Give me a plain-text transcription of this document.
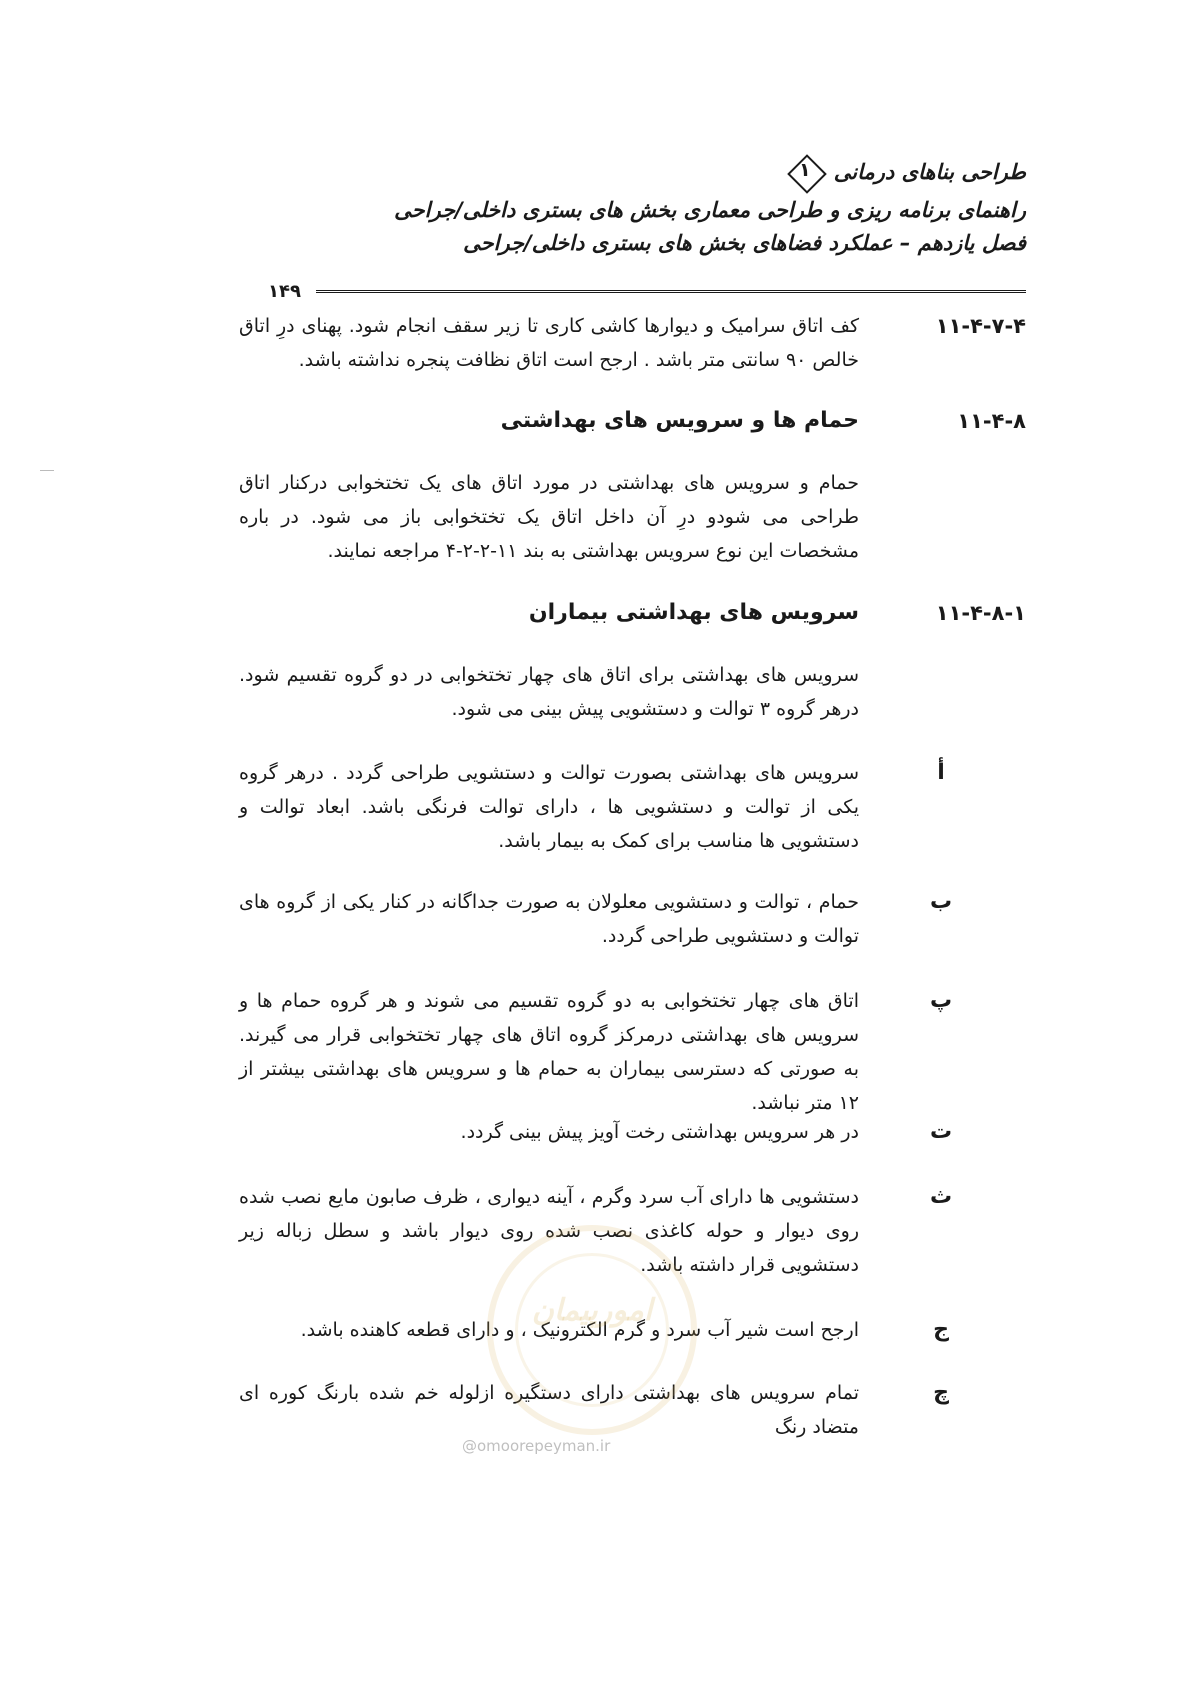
طراحی بناهای درمانی
۱
راهنمای برنامه ریزی و طراحی معماری بخش های بستری داخلی/جراحی
فصل یازدهم – عملکرد فضاهای بخش های بستری داخلی/جراحی
۱۴۹
۱۱-۴-۷-۴
کف اتاق سرامیک و دیوارها کاشی کاری تا زیر سقف انجام شود. پهنای درِ اتاق خالص ۹۰ سانتی متر باشد . ارجح است اتاق نظافت پنجره نداشته باشد.
۱۱-۴-۸
حمام ها و سرویس های بهداشتی
حمام و سرویس های بهداشتی در مورد اتاق های یک تختخوابی درکنار اتاق طراحی می شودو درِ آن داخل اتاق یک تختخوابی باز می شود. در باره مشخصات این نوع سرویس بهداشتی به بند ۱۱-۲-۲-۴ مراجعه نمایند.
۱۱-۴-۸-۱
سرویس های بهداشتی بیماران
سرویس های بهداشتی برای اتاق های چهار تختخوابی در دو گروه تقسیم شود. درهر گروه ۳ توالت و دستشویی پیش بینی می شود.
أ
سرویس های بهداشتی بصورت توالت و دستشویی طراحی گردد . درهر گروه یکی از توالت و دستشویی ها ، دارای توالت فرنگی باشد. ابعاد توالت و دستشویی ها مناسب برای کمک به بیمار باشد.
ب
حمام ، توالت و دستشویی معلولان به صورت جداگانه در کنار یکی از گروه های توالت و دستشویی طراحی گردد.
پ
اتاق های چهار تختخوابی به دو گروه تقسیم می شوند و هر گروه حمام ها و سرویس های بهداشتی درمرکز گروه اتاق های چهار تختخوابی قرار می گیرند. به صورتی که دسترسی بیماران به حمام ها و سرویس های بهداشتی بیشتر از ۱۲ متر نباشد.
ت
در هر سرویس بهداشتی رخت آویز پیش بینی گردد.
ث
دستشویی ها دارای آب سرد وگرم ، آینه دیواری ، ظرف صابون مایع نصب شده روی دیوار و حوله کاغذی نصب شده روی دیوار باشد و سطل زباله زیر دستشویی قرار داشته باشد.
ج
ارجح است شیر آب سرد و گرم الکترونیک ، و دارای قطعه کاهنده باشد.
چ
تمام سرویس های بهداشتی دارای دستگیره ازلوله خم شده بارنگ کوره ای متضاد رنگ
امورپیمان
@omoorepeyman.ir
